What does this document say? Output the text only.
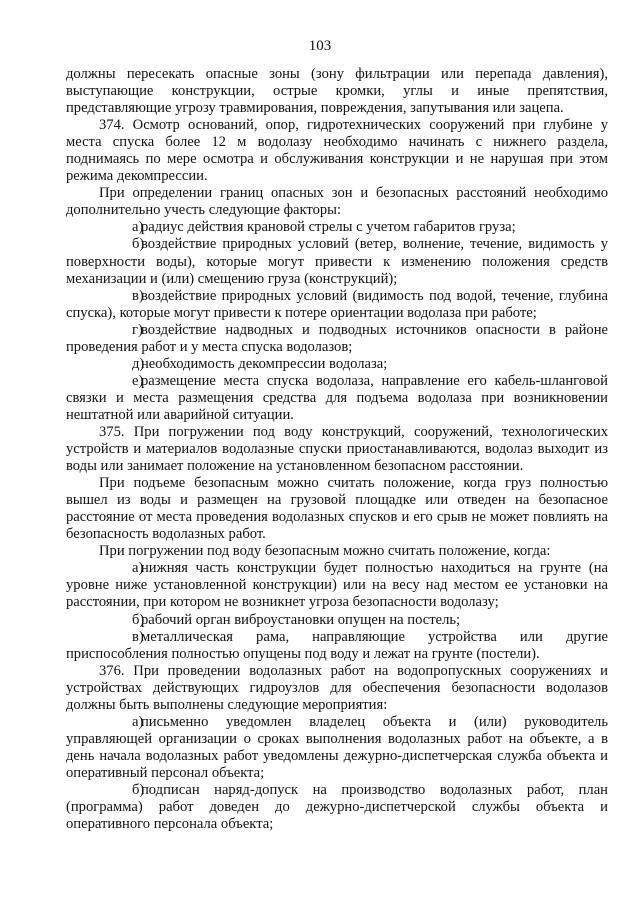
103

должны пересекать опасные зоны (зону фильтрации или перепада давления), выступающие конструкции, острые кромки, углы и иные препятствия, представляющие угрозу травмирования, повреждения, запутывания или зацепа.

374. Осмотр оснований, опор, гидротехнических сооружений при глубине у места спуска более 12 м водолазу необходимо начинать с нижнего раздела, поднимаясь по мере осмотра и обслуживания конструкции и не нарушая при этом режима декомпрессии.

При определении границ опасных зон и безопасных расстояний необходимо дополнительно учесть следующие факторы:

а)радиус действия крановой стрелы с учетом габаритов груза;

б)воздействие природных условий (ветер, волнение, течение, видимость у поверхности воды), которые могут привести к изменению положения средств механизации и (или) смещению груза (конструкций);

в)воздействие природных условий (видимость под водой, течение, глубина спуска), которые могут привести к потере ориентации водолаза при работе;

г)воздействие надводных и подводных источников опасности в районе проведения работ и у места спуска водолазов;

д)необходимость декомпрессии водолаза;

е)размещение места спуска водолаза, направление его кабель-шланговой связки и места размещения средства для подъема водолаза при возникновении нештатной или аварийной ситуации.

375. При погружении под воду конструкций, сооружений, технологических устройств и материалов водолазные спуски приостанавливаются, водолаз выходит из воды или занимает положение на установленном безопасном расстоянии.

При подъеме безопасным можно считать положение, когда груз полностью вышел из воды и размещен на грузовой площадке или отведен на безопасное расстояние от места проведения водолазных спусков и его срыв не может повлиять на безопасность водолазных работ.

При погружении под воду безопасным можно считать положение, когда:

а)нижняя часть конструкции будет полностью находиться на грунте (на уровне ниже установленной конструкции) или на весу над местом ее установки на расстоянии, при котором не возникнет угроза безопасности водолазу;

б)рабочий орган виброустановки опущен на постель;

в)металлическая рама, направляющие устройства или другие приспособления полностью опущены под воду и лежат на грунте (постели).

376. При проведении водолазных работ на водопропускных сооружениях и устройствах действующих гидроузлов для обеспечения безопасности водолазов должны быть выполнены следующие мероприятия:

а)письменно уведомлен владелец объекта и (или) руководитель управляющей организации о сроках выполнения водолазных работ на объекте, а в день начала водолазных работ уведомлены дежурно-диспетчерская служба объекта и оперативный персонал объекта;

б)подписан наряд-допуск на производство водолазных работ, план (программа) работ доведен до дежурно-диспетчерской службы объекта и оперативного персонала объекта;
